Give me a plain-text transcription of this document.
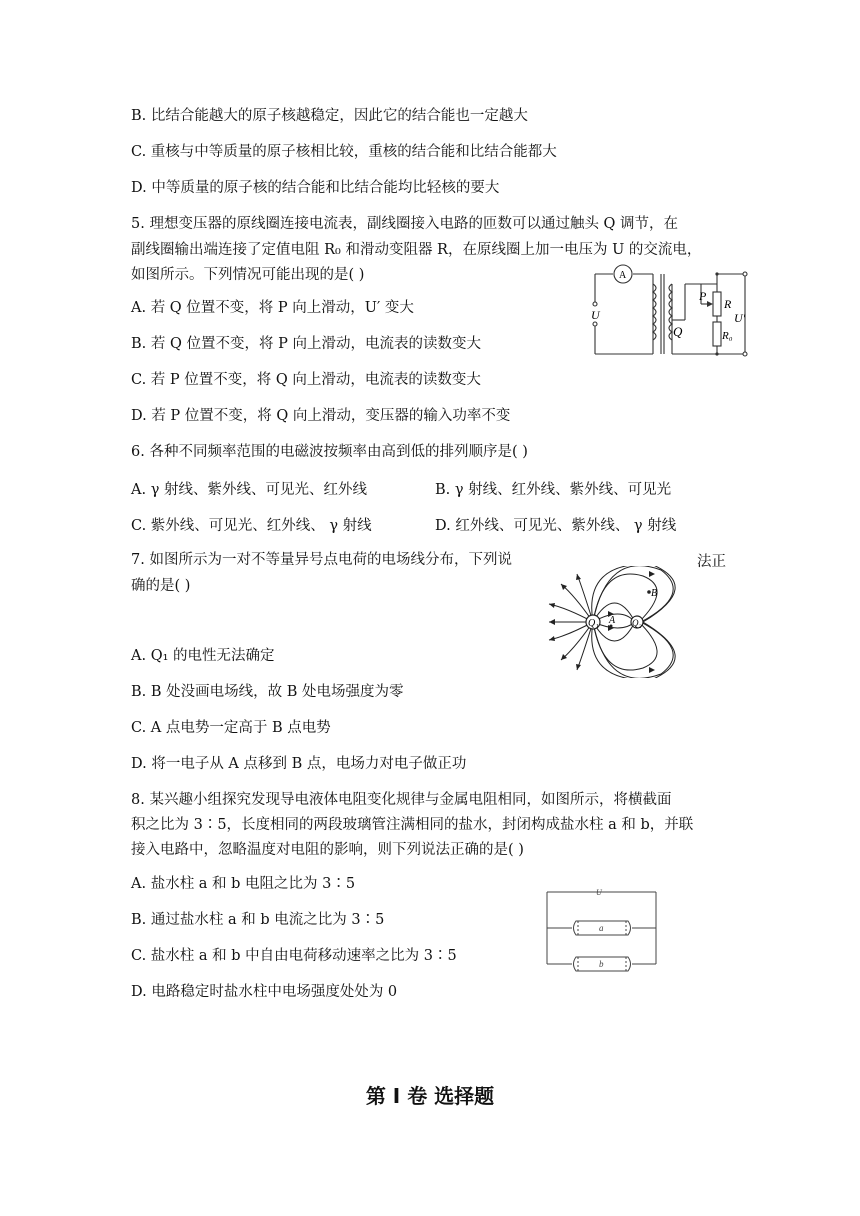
B. 比结合能越大的原子核越稳定，因此它的结合能也一定越大
C. 重核与中等质量的原子核相比较，重核的结合能和比结合能都大
D. 中等质量的原子核的结合能和比结合能均比轻核的要大
5. 理想变压器的原线圈连接电流表，副线圈接入电路的匝数可以通过触头 Q 调节，在
副线圈输出端连接了定值电阻 R₀ 和滑动变阻器 R，在原线圈上加一电压为 U 的交流电，
如图所示。下列情况可能出现的是( )
A. 若 Q 位置不变，将 P 向上滑动，U′ 变大
B. 若 Q 位置不变，将 P 向上滑动，电流表的读数变大
C. 若 P 位置不变，将 Q 向上滑动，电流表的读数变大
D. 若 P 位置不变，将 Q 向上滑动，变压器的输入功率不变
A
U
Q
P
R
U′
R₀
6. 各种不同频率范围的电磁波按频率由高到低的排列顺序是( )
A. γ 射线、紫外线、可见光、红外线	B. γ 射线、红外线、紫外线、可见光
C. 紫外线、可见光、红外线、 γ 射线	D. 红外线、可见光、紫外线、 γ 射线
7. 如图所示为一对不等量异号点电荷的电场线分布，下列说	法正
确的是( )
Q₁	Q₂
A
B
A. Q₁ 的电性无法确定
B. B 处没画电场线，故 B 处电场强度为零
C. A 点电势一定高于 B 点电势
D. 将一电子从 A 点移到 B 点，电场力对电子做正功
8. 某兴趣小组探究发现导电液体电阻变化规律与金属电阻相同，如图所示，将横截面
积之比为 3∶5，长度相同的两段玻璃管注满相同的盐水，封闭构成盐水柱 a 和 b，并联
接入电路中，忽略温度对电阻的影响，则下列说法正确的是( )
A. 盐水柱 a 和 b 电阻之比为 3∶5
B. 通过盐水柱 a 和 b 电流之比为 3∶5
C. 盐水柱 a 和 b 中自由电荷移动速率之比为 3∶5
D. 电路稳定时盐水柱中电场强度处处为 0
U
a
b
第 Ⅰ 卷 选择题
